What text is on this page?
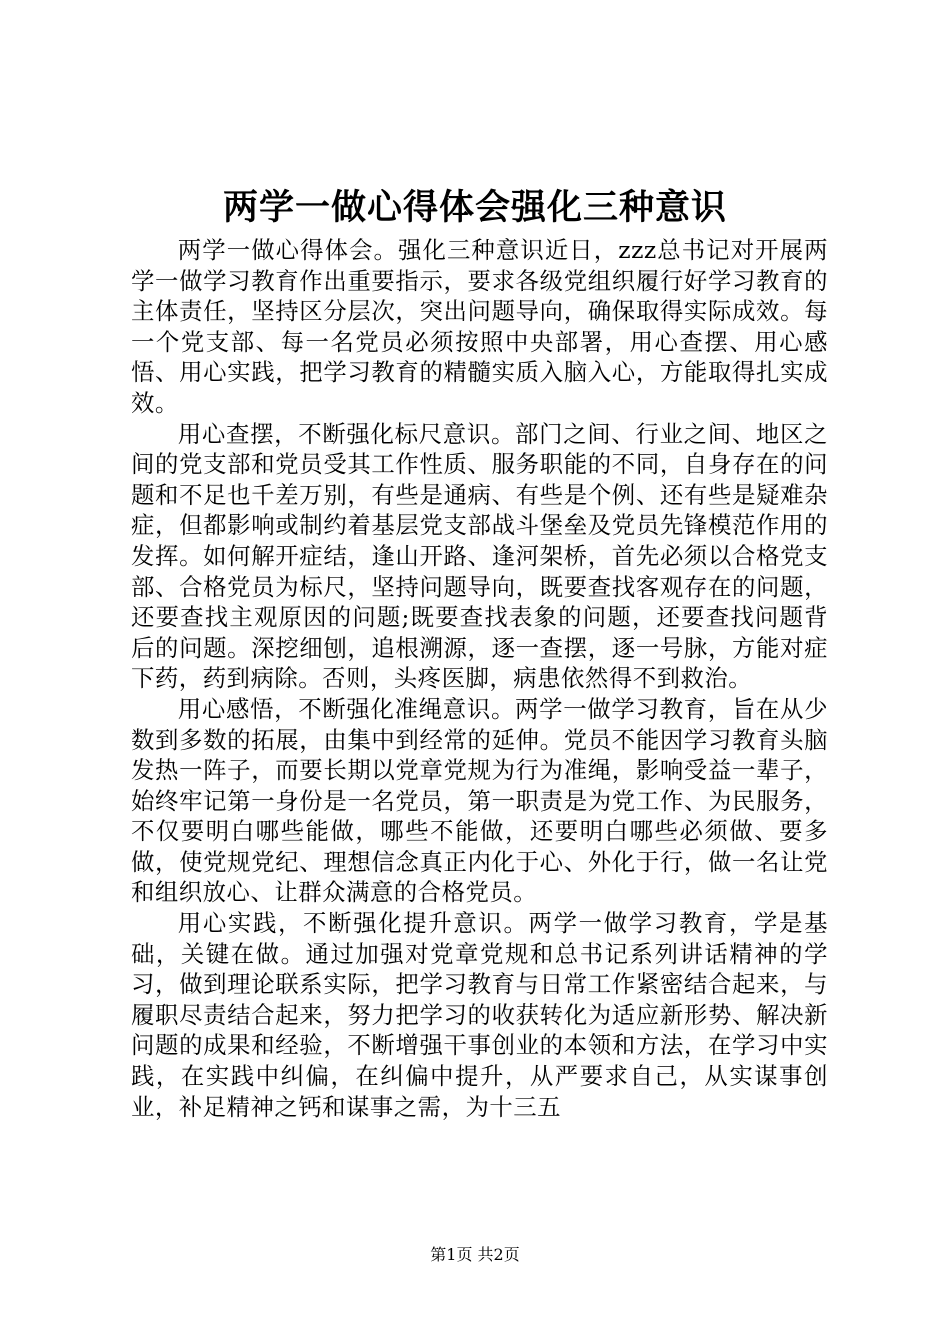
两学一做心得体会强化三种意识

两学一做心得体会。强化三种意识近日，zzz总书记对开展两学一做学习教育作出重要指示，要求各级党组织履行好学习教育的主体责任，坚持区分层次，突出问题导向，确保取得实际成效。每一个党支部、每一名党员必须按照中央部署，用心查摆、用心感悟、用心实践，把学习教育的精髓实质入脑入心，方能取得扎实成效。

用心查摆，不断强化标尺意识。部门之间、行业之间、地区之间的党支部和党员受其工作性质、服务职能的不同，自身存在的问题和不足也千差万别，有些是通病、有些是个例、还有些是疑难杂症，但都影响或制约着基层党支部战斗堡垒及党员先锋模范作用的发挥。如何解开症结，逢山开路、逢河架桥，首先必须以合格党支部、合格党员为标尺，坚持问题导向，既要查找客观存在的问题，还要查找主观原因的问题;既要查找表象的问题，还要查找问题背后的问题。深挖细刨，追根溯源，逐一查摆，逐一号脉，方能对症下药，药到病除。否则，头疼医脚，病患依然得不到救治。

用心感悟，不断强化准绳意识。两学一做学习教育，旨在从少数到多数的拓展，由集中到经常的延伸。党员不能因学习教育头脑发热一阵子，而要长期以党章党规为行为准绳，影响受益一辈子，始终牢记第一身份是一名党员，第一职责是为党工作、为民服务，不仅要明白哪些能做，哪些不能做，还要明白哪些必须做、要多做，使党规党纪、理想信念真正内化于心、外化于行，做一名让党和组织放心、让群众满意的合格党员。

用心实践，不断强化提升意识。两学一做学习教育，学是基础，关键在做。通过加强对党章党规和总书记系列讲话精神的学习，做到理论联系实际，把学习教育与日常工作紧密结合起来，与履职尽责结合起来，努力把学习的收获转化为适应新形势、解决新问题的成果和经验，不断增强干事创业的本领和方法，在学习中实践，在实践中纠偏，在纠偏中提升，从严要求自己，从实谋事创业，补足精神之钙和谋事之需，为十三五

第1页 共2页
